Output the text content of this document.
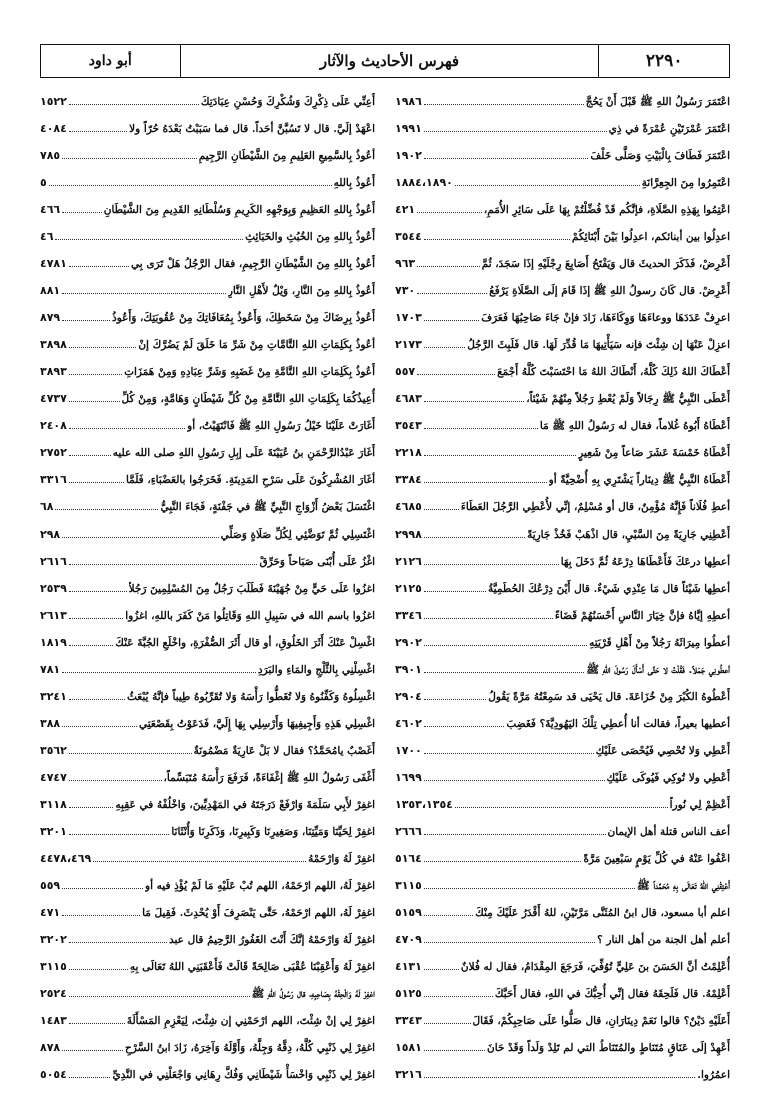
أبو داود	فهرس الأحاديث والآثار	٢٢٩٠
اعْتَمَرَ رَسُولُ اللهِ ﷺ قَبْلَ أَنْ يَحُجَّ
١٩٨٦
اعْتَمَرَ عُمْرَتَيْنِ عُمْرَةً في ذِي
١٩٩١
اعْتَمَرَ فَطَافَ بِالْبَيْتِ وَصَلَّى خَلْفَ
١٩٠٢
اعْتَمِرُوا مِنَ الجِعِرَّانَةِ
١٨٨٤،١٨٩٠
اعْتِمُوا بِهَذِهِ الصَّلَاةِ، فإنَّكُم قَدْ فُضِّلْتُمْ بِهَا عَلَى سَائِرِ الأُمَمِ،
٤٢١
اعدِلُوا بين أبنائكم، اعدِلُوا بَيْنَ أَبْنَائِكُمْ
٣٥٤٤
أَعْرِضْ، فَذَكَرَ الحديثَ قال وَيَفْتَحُ أَصَابِعَ رِجْلَيْهِ إذَا سَجَدَ، ثُمَّ
٩٦٣
أَعْرِضْ. قال كَانَ رسولُ اللهِ ﷺ إذَا قَامَ إلَى الصَّلَاةِ يَرْفَعُ
٧٣٠
اعرِفْ عَدَدَهَا ووعاءَهَا وَوِكَاءَهَا، زَادَ فإنْ جَاءَ صَاحِبُهَا فَعَرَفَ
١٧٠٣
اعزِلْ عَنْهَا إن شِئْتَ فإنه سَيَأْتِيهَا مَا قُدِّرَ لَهَا. قال فَلَبِثَ الرَّجُلُ
٢١٧٣
أَعْطَاكَ اللهُ ذَلِكَ كُلَّهُ، أَنْطَاكَ اللهُ مَا احْتَسَبْتَ كُلَّهُ أَجْمَعَ
٥٥٧
أَعْطَى النَّبِيُّ ﷺ رِجَالاً وَلَمْ يُعْطِ رَجُلاً مِنْهُمْ شَيْئاً،
٤٦٨٣
أَعْطَاهُ أَبُوهُ غُلاماً، فقال له رَسُولُ اللهِ ﷺ مَا
٣٥٤٣
أَعْطَاهُ خَمْسَةَ عَشَرَ صَاعاً مِنْ شَعِيرٍ
٢٢١٨
أَعْطَاهُ النَّبِيُّ ﷺ دِينَاراً يَشْتَرِي بِهِ أُضْحِيَّةً أو
٣٣٨٤
أعطِ فُلَاناً فَإِنَّهُ مُؤْمِنٌ، قال أو مُسْلِمٌ، إنِّي لأُعْطِي الرَّجُلَ العَطَاءَ
٤٦٨٥
أَعْطِنِي جَارِيَةً مِنَ السَّبْيِ، قال اذْهَبْ فَخُذْ جَارِيَةً
٢٩٩٨
أعطِها درعَكَ فَأَعْطَاهَا دِرْعَهُ ثُمَّ دَخَلَ بِهَا
٢١٢٦
أعطِها شَيْئاً قال مَا عِنْدِي شَيْءٌ. قال أَيْنَ دِرْعُكَ الحُطَمِيَّةُ
٢١٢٥
أعطِهِ إيَّاهُ فإنَّ خِيَارَ النَّاسِ أَحْسَنُهُمْ قَضَاءً
٣٣٤٦
أعطُوا مِيرَاثَهُ رَجُلاً مِنْ أَهْلِ قَرْيَتِهِ
٢٩٠٢
أعطُونِي جَمَلاً. فَقُلْتُ لا حَتَّى أَسْأَلَ رَسُولَ اللهِ ﷺ
٣٩٠١
أَعْطُوهُ الكُبْرَ مِنْ خُزَاعَةَ. قال يَحْيَى قد سَمِعْتُهُ مَرَّةً يَقُولُ
٢٩٠٤
أعطيها بعيراً، فقالت أنا أُعطِي تِلْكَ اليَهُودِيَّةَ؟ فَغَضِبَ
٤٦٠٢
أَعْطِي وَلا تُحْصِي فَيُحْصَى عَلَيْكِ
١٧٠٠
أَعْطِي ولا تُوكِي فَيُوكَى عَلَيْكِ
١٦٩٩
أَعْظِمْ لِي نُوراً
١٣٥٣،١٣٥٤
أعف الناس قتلة أهل الإيمان
٢٦٦٦
اعْفُوا عَنْهُ في كُلِّ يَوْمٍ سَبْعِينَ مَرَّةً
٥١٦٤
أَعْتِقْنِي اللهُ تَعَالَى بِهِ مُحَمَّداً ﷺ
٣١١٥
اعلم أبا مسعود، قال ابنُ المُثَنَّى مَرَّتَيْنِ، للهُ أَقْدَرُ عَلَيْكَ مِنْكَ
٥١٥٩
أعلم أهل الجنة من أهل النار ؟
٤٧٠٩
أُعْلِمْتُ أنَّ الحَسَنَ بنَ عَلِيٍّ تُوُفِّيَ، فَرَجَعَ المِقْدَامُ، فقال له فُلانٌ
٤١٣١
أَعْلِمْهُ. قال فَلَحِقَهُ فقال إنِّي أُحِبُّكَ في اللهِ، فقال أَحَبَّكَ
٥١٢٥
أَعَلَيْهِ دَيْنٌ؟ قالوا نَعَمْ دِينَارَانِ، قال صَلُّوا عَلَى صَاحِبِكُمْ، فَقَالَ
٣٣٤٣
أَعْهِدْ إلَى عَنَاقٍ مُتَنَاطٍ والمُتَنَاطُ التي لم تَلِدْ وَلَداً وَقَدْ حَانَ
١٥٨١
اعمُرُوا.
٣٢١٦
أَعِنِّي عَلَى ذِكْرِكَ وَشُكْرِكَ وَحُسْنِ عِبَادَتِكَ
١٥٢٢
اعْهَدْ إلَيَّ. قال لا تَسُبَّنَّ أحَداً. قال فما سَبَبْتُ بَعْدَهُ حُرّاً ولا
٤٠٨٤
أعُوذُ بِالسَّمِيعِ العَلِيمِ مِنَ الشَّيْطَانِ الرَّجِيمِ
٧٨٥
أَعُوذُ بِاللهِ
٥
أَعُوذُ بِاللهِ العَظِيمِ وَبِوَجْهِهِ الكَرِيمِ وَسُلْطَانِهِ القَدِيمِ مِنَ الشَّيْطَانِ
٤٦٦
أَعُوذُ بِاللهِ مِنَ الخُبُثِ والخَبَائِثِ
٤٦
أَعُوذُ بِاللهِ مِنَ الشَّيْطَانِ الرَّجِيمِ، فقال الرَّجُلُ هَلْ تَرَى بِي
٤٧٨١
أَعُوذُ بِاللهِ مِنَ النَّارِ، وَيْلٌ لأَهْلِ النَّارِ
٨٨١
أَعُوذُ بِرِضَاكَ مِنْ سَخَطِكَ، وَأَعُوذُ بِمُعَافَاتِكَ مِنْ عُقُوبَتِكَ، وَأَعُوذُ
٨٧٩
أعُوذُ بِكَلِمَاتِ اللهِ التَّامَّاتِ مِنْ شَرِّ مَا خَلَقَ لَمْ يَضُرَّكَ إنْ
٣٨٩٨
أَعُوذُ بِكَلِمَاتِ اللهِ التَّامَّةِ مِنْ غَضَبِهِ وَشَرِّ عِبَادِهِ وَمِنْ هَمَزَاتِ
٣٨٩٣
أُعِيذُكُمَا بِكَلِمَاتِ اللهِ التَّامَّةِ مِنْ كُلِّ شَيْطَانٍ وَهَامَّةٍ، وَمِنْ كُلِّ
٤٧٣٧
أَغَارَتْ عَلَيْنَا خَيْلُ رَسُولِ اللهِ ﷺ فَانْتَهَيْتُ، أو
٢٤٠٨
أَغَارَ عَبْدُالرَّحْمَنِ بنُ عُيَيْنَةَ عَلَى إبِلِ رَسُولِ اللهِ صلى الله عليه
٢٧٥٢
أغَارَ المُشْرِكُونَ عَلَى سَرْحِ المَدِينَةِ. فَخَرَجُوا بالعَضْبَاءِ، فَلَمَّا
٣٣١٦
اغْتَسَلَ بَعْضُ أَزْوَاجِ النَّبِيِّ ﷺ في جَفْنَةٍ، فَجَاءَ النَّبِيُّ
٦٨
اغْتَسِلِي ثُمَّ تَوَضَّئِي لِكُلِّ صَلَاةٍ وَصَلِّي
٢٩٨
اغْزُ عَلَى أُبْنَى صَبَاحاً وَحَرِّقْ
٢٦١٦
اغزُوا عَلَى حَيٍّ مِنْ جُهَيْنَةَ فَطَلَبَ رَجُلٌ مِنَ المُسْلِمِينَ رَجُلاً
٢٥٣٩
اغزُوا باسم الله في سَبِيلِ اللهِ وَقَاتِلُوا مَنْ كَفَرَ باللهِ، اغزُوا
٢٦١٣
اغْسِلْ عَنْكَ أَثَرَ الخَلُوقِ، أو قال أَثَرَ الصُّفْرَةِ، واخْلَعِ الجُبَّةَ عَنْكَ
١٨١٩
اغْسِلْنِي بِالثَّلْجِ والمَاءِ والبَرَدِ
٧٨١
اغْسِلُوهُ وَكَفِّنُوهُ وَلا تُغَطُّوا رَأْسَهُ وَلا تُقَرِّبُوهُ طِيباً فإنَّهُ يُبْعَثُ
٣٢٤١
اغْسِلِي هَذِهِ وَأَجِيفِيهَا وَأَرْسِلِي بِهَا إِلَيَّ، فَدَعَوْتُ بِقَصْعَتِي
٣٨٨
أَغَصْبٌ يامُحَمَّدُ؟ فقال لا بَلْ عَارِيَةٌ مَضْمُونَةٌ
٣٥٦٢
أَغْفَى رَسُولُ اللهِ ﷺ إغْفَاءَةً، فَرَفَعَ رَأْسَهُ مُتَبَسِّماً،
٤٧٤٧
اغفِرْ لأَبِي سَلَمَةَ وَارْفَعْ دَرَجَتَهُ في المَهْدِيِّينَ، وَاخْلُفْهُ في عَقِبِهِ
٣١١٨
اغفِرْ لِحَيِّنَا وَمَيِّتِنَا، وَصَغِيرِنَا وَكَبِيرِنَا، وَذَكَرِنَا وَأُنْثَانَا
٣٢٠١
اغفِرْ لَهُ وَارْحَمْهُ
٤٤٧٨،٤٦٩
اغفِرْ لَهُ، اللهم ارْحَمْهُ، اللهم تُبْ عَلَيْهِ مَا لَمْ يُؤْذِ فيه أو
٥٥٩
اغفِرْ لَهُ، اللهم ارْحَمْهُ، حَتَّى يَنْصَرِفَ أَوْ يُحْدِثَ. فَقِيلَ مَا
٤٧١
اغفِرْ لَهُ وَارْحَمْهُ إنَّكَ أَنْتَ الغَفُورُ الرَّحِيمُ قال عبد
٣٢٠٢
اغفِرْ لَهُ وَأَعْقِبْنَا عُقْبَى صَالِحَةً قَالَتْ فَأَعْقَبَنِي اللهُ تَعَالَى بِهِ
٣١١٥
اغفِرْ لَهُ وَالْحِقْهُ بِصَاحِبِهِ، قال رَسُولُ اللهِ ﷺ
٢٥٢٤
اغفِرْ لِي إنْ شِئْتَ، اللهم ارْحَمْنِي إن شِئْتَ، لِيَعْزِمِ المَسْأَلَةَ
١٤٨٣
اغفِرْ لِي ذَنْبِي كُلَّهُ، دِقَّهُ وَجِلَّهُ، وَأَوَّلَهُ وَآخِرَهُ، زَادَ ابنُ السَّرْحِ
٨٧٨
اغفِرْ لِي ذَنْبِي وَاخْسَأْ شَيْطَانِي وَفُكَّ رِهَانِي وَاجْعَلْنِي في النَّدِيِّ
٥٠٥٤
